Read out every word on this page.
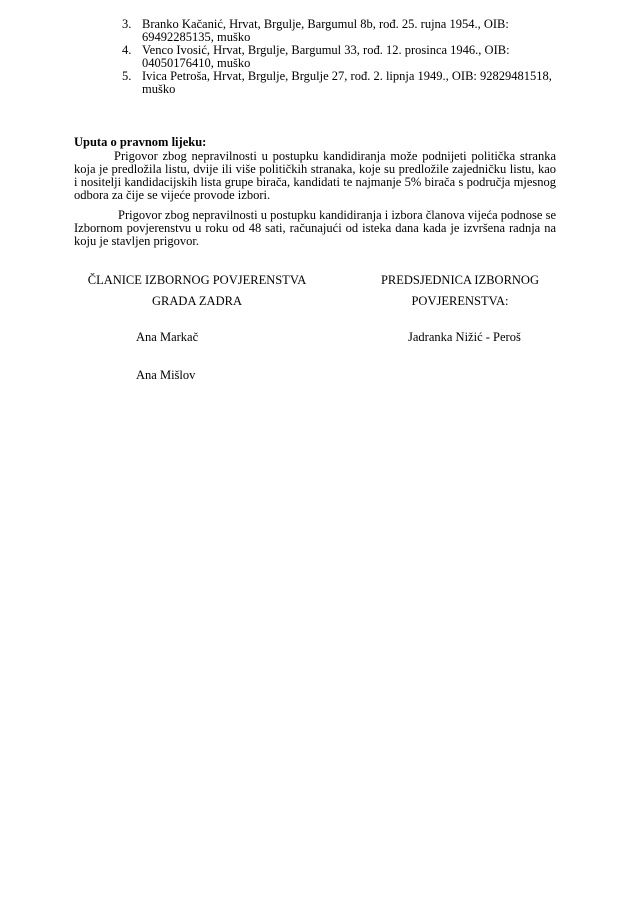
3. Branko Kačanić, Hrvat, Brgulje, Bargumul 8b, rođ. 25. rujna 1954., OIB: 69492285135, muško
4. Venco Ivosić, Hrvat, Brgulje, Bargumul 33, rođ. 12. prosinca 1946., OIB: 04050176410, muško
5. Ivica Petroša, Hrvat, Brgulje, Brgulje 27, rođ. 2. lipnja 1949., OIB: 92829481518, muško

Uputa o pravnom lijeku:

Prigovor zbog nepravilnosti u postupku kandidiranja može podnijeti politička stranka koja je predložila listu, dvije ili više političkih stranaka, koje su predložile zajedničku listu, kao i nositelji kandidacijskih lista grupe birača, kandidati te najmanje 5% birača s područja mjesnog odbora za čije se vijeće provode izbori.

Prigovor zbog nepravilnosti u postupku kandidiranja i izbora članova vijeća podnose se Izbornom povjerenstvu u roku od 48 sati, računajući od isteka dana kada je izvršena radnja na koju je stavljen prigovor.

ČLANICE IZBORNOG POVJERENSTVA
GRADA ZADRA
PREDSJEDNICA IZBORNOG
POVJERENSTVA:
Ana Markač
Ana Mišlov
Jadranka Nižić - Peroš
